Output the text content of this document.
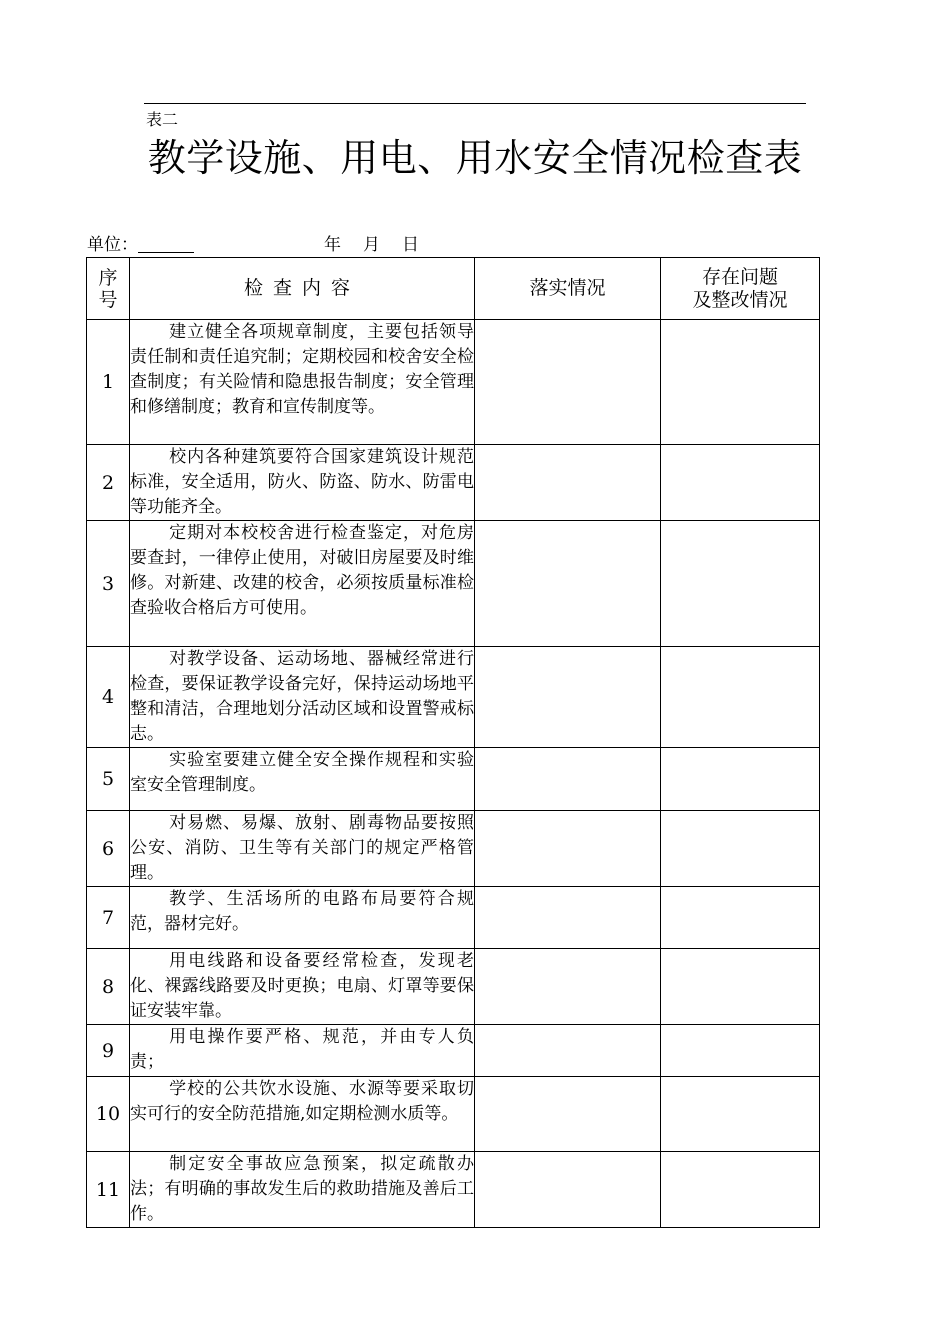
表二
教学设施、用电、用水安全情况检查表
单位：	年 月 日
序号	检查内容	落实情况	存在问题
及整改情况

1	建立健全各项规章制度，主要包括领导责任制和责任追究制；定期校园和校舍安全检查制度；有关险情和隐患报告制度；安全管理和修缮制度；教育和宣传制度等。		
2	校内各种建筑要符合国家建筑设计规范标准，安全适用，防火、防盗、防水、防雷电等功能齐全。		
3	定期对本校校舍进行检查鉴定，对危房要查封，一律停止使用，对破旧房屋要及时维修。对新建、改建的校舍，必须按质量标准检查验收合格后方可使用。		
4	对教学设备、运动场地、器械经常进行检查，要保证教学设备完好，保持运动场地平整和清洁，合理地划分活动区域和设置警戒标志。		
5	实验室要建立健全安全操作规程和实验室安全管理制度。		
6	对易燃、易爆、放射、剧毒物品要按照公安、消防、卫生等有关部门的规定严格管理。		
7	教学、生活场所的电路布局要符合规范，器材完好。		
8	用电线路和设备要经常检查，发现老化、裸露线路要及时更换；电扇、灯罩等要保证安装牢靠。		
9	用电操作要严格、规范，并由专人负责；		
10	学校的公共饮水设施、水源等要采取切实可行的安全防范措施,如定期检测水质等。		
11	制定安全事故应急预案，拟定疏散办法；有明确的事故发生后的救助措施及善后工作。		
